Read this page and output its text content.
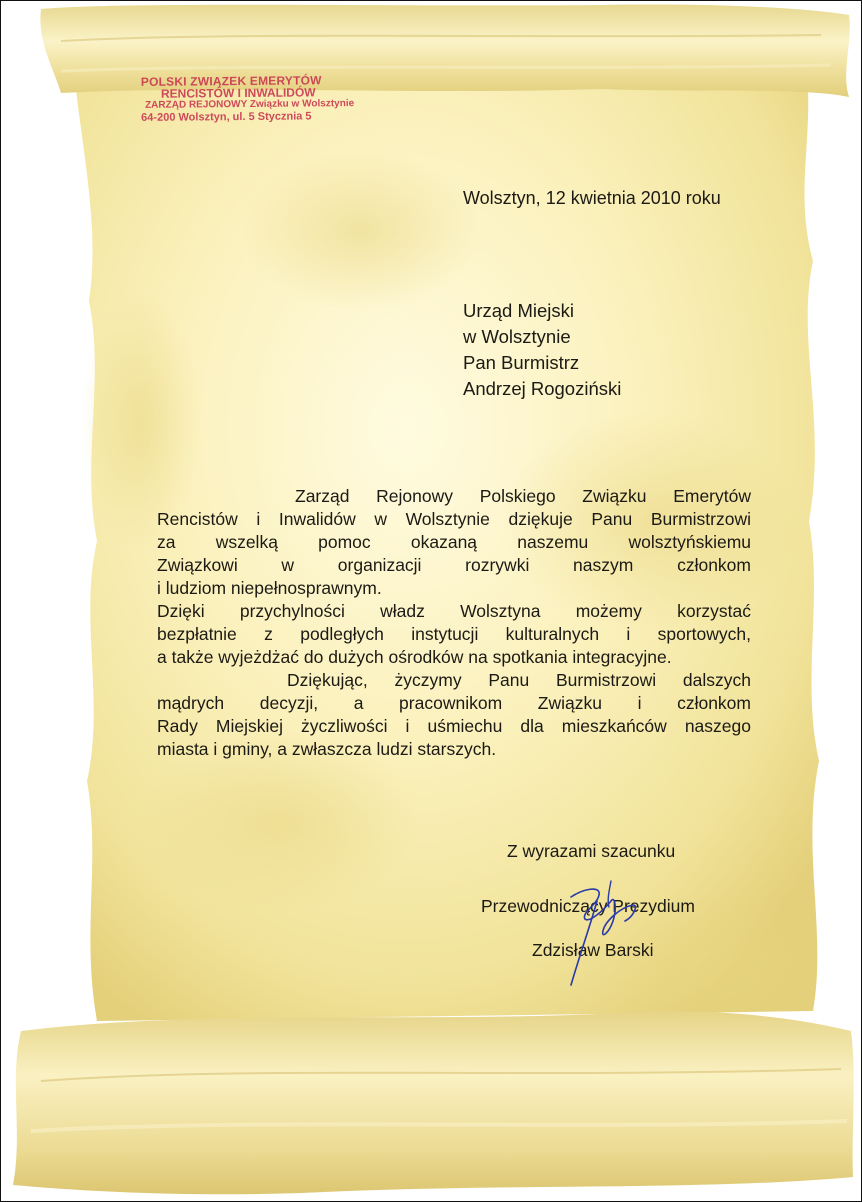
POLSKI ZWIĄZEK EMERYTÓW
RENCISTÓW I INWALIDÓW
ZARZĄD REJONOWY Związku w Wolsztynie
64-200 Wolsztyn, ul. 5 Stycznia 5
Wolsztyn, 12 kwietnia 2010 roku
Urząd Miejski
w Wolsztynie
Pan Burmistrz
Andrzej Rogoziński
Zarząd Rejonowy Polskiego Związku Emerytów
Rencistów i Inwalidów w Wolsztynie dziękuje Panu Burmistrzowi
za wszelką pomoc okazaną naszemu wolsztyńskiemu
Związkowi w organizacji rozrywki naszym członkom
i ludziom niepełnosprawnym.
Dzięki przychylności władz Wolsztyna możemy korzystać
bezpłatnie z podległych instytucji kulturalnych i sportowych,
a także wyjeżdżać do dużych ośrodków na spotkania integracyjne.
Dziękując, życzymy Panu Burmistrzowi dalszych
mądrych decyzji, a pracownikom Związku i członkom
Rady Miejskiej życzliwości i uśmiechu dla mieszkańców naszego
miasta i gminy, a zwłaszcza ludzi starszych.
Z wyrazami szacunku
Przewodniczący Prezydium
Zdzisław Barski
